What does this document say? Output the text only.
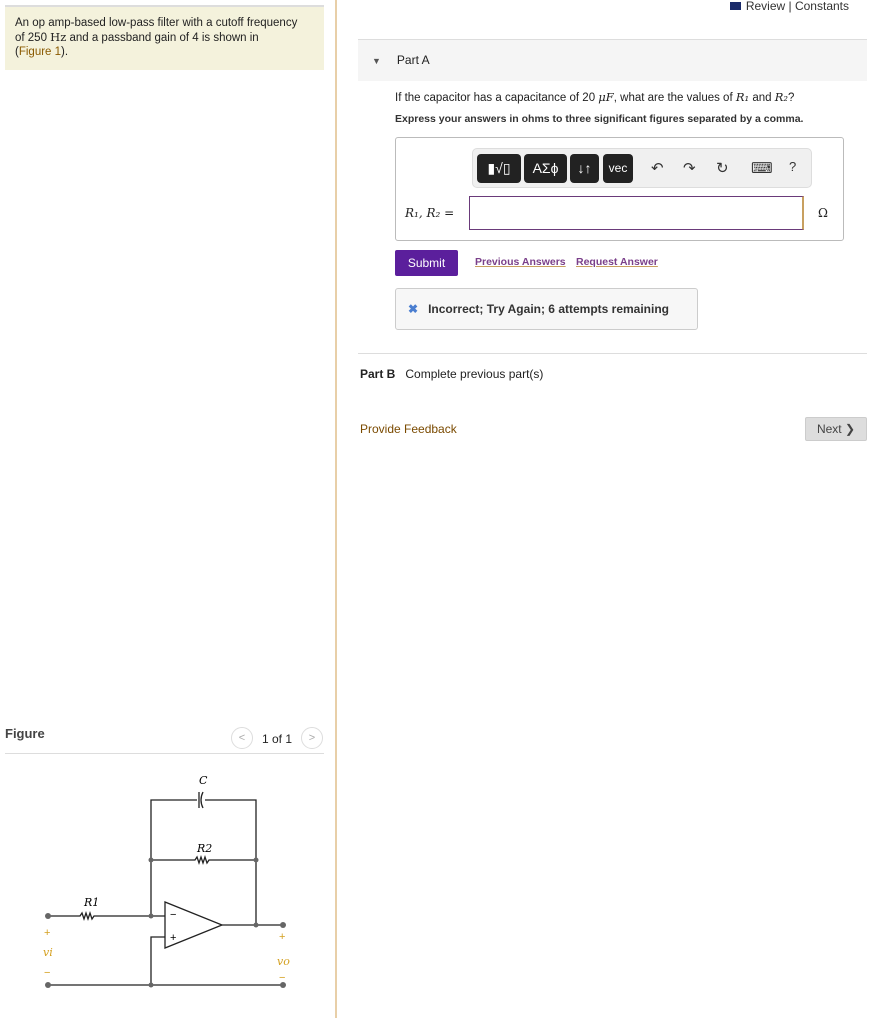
An op amp-based low-pass filter with a cutoff frequency
of 250 Hz and a passband gain of 4 is shown in
(Figure 1).
Review | Constants
▼ Part A
If the capacitor has a capacitance of 20 μF, what are the values of R₁ and R₂?
Express your answers in ohms to three significant figures separated by a comma.
▮√▯	ΑΣϕ	↓↑	vec	↶ ↷ ↻ ⌨ ?
R₁, R₂ =	Ω
Submit	Previous Answers Request Answer
✖ Incorrect; Try Again; 6 attempts remaining
Part B Complete previous part(s)
Provide Feedback	Next ❯
Figure	<	1 of 1	>
−
+
C
R2
R1
vi
vo
+
−
+
−
